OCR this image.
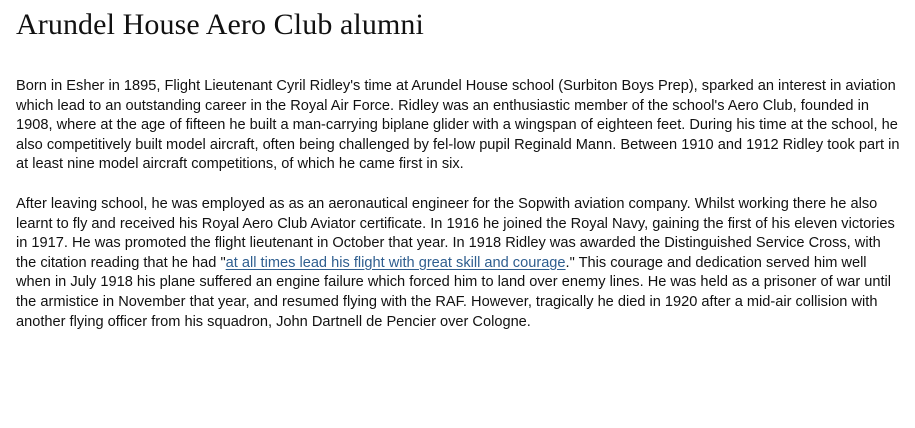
Arundel House Aero Club alumni

Born in Esher in 1895, Flight Lieutenant Cyril Ridley's time at Arundel House school (Surbiton Boys Prep), sparked an interest in aviation which lead to an outstanding career in the Royal Air Force. Ridley was an enthusiastic member of the school's Aero Club, founded in 1908, where at the age of fifteen he built a man-carrying biplane glider with a wingspan of eighteen feet. During his time at the school, he also competitively built model aircraft, often being challenged by fel-low pupil Reginald Mann. Between 1910 and 1912 Ridley took part in at least nine model aircraft competitions, of which he came first in six.

After leaving school, he was employed as as an aeronautical engineer for the Sopwith aviation company. Whilst working there he also learnt to fly and received his Royal Aero Club Aviator certificate. In 1916 he joined the Royal Navy, gaining the first of his eleven victories in 1917. He was promoted the flight lieutenant in October that year. In 1918 Ridley was awarded the Distinguished Service Cross, with the citation reading that he had "at all times lead his flight with great skill and courage." This courage and dedication served him well when in July 1918 his plane suffered an engine failure which forced him to land over enemy lines. He was held as a prisoner of war until the armistice in November that year, and resumed flying with the RAF. However, tragically he died in 1920 after a mid-air collision with another flying officer from his squadron, John Dartnell de Pencier over Cologne.
